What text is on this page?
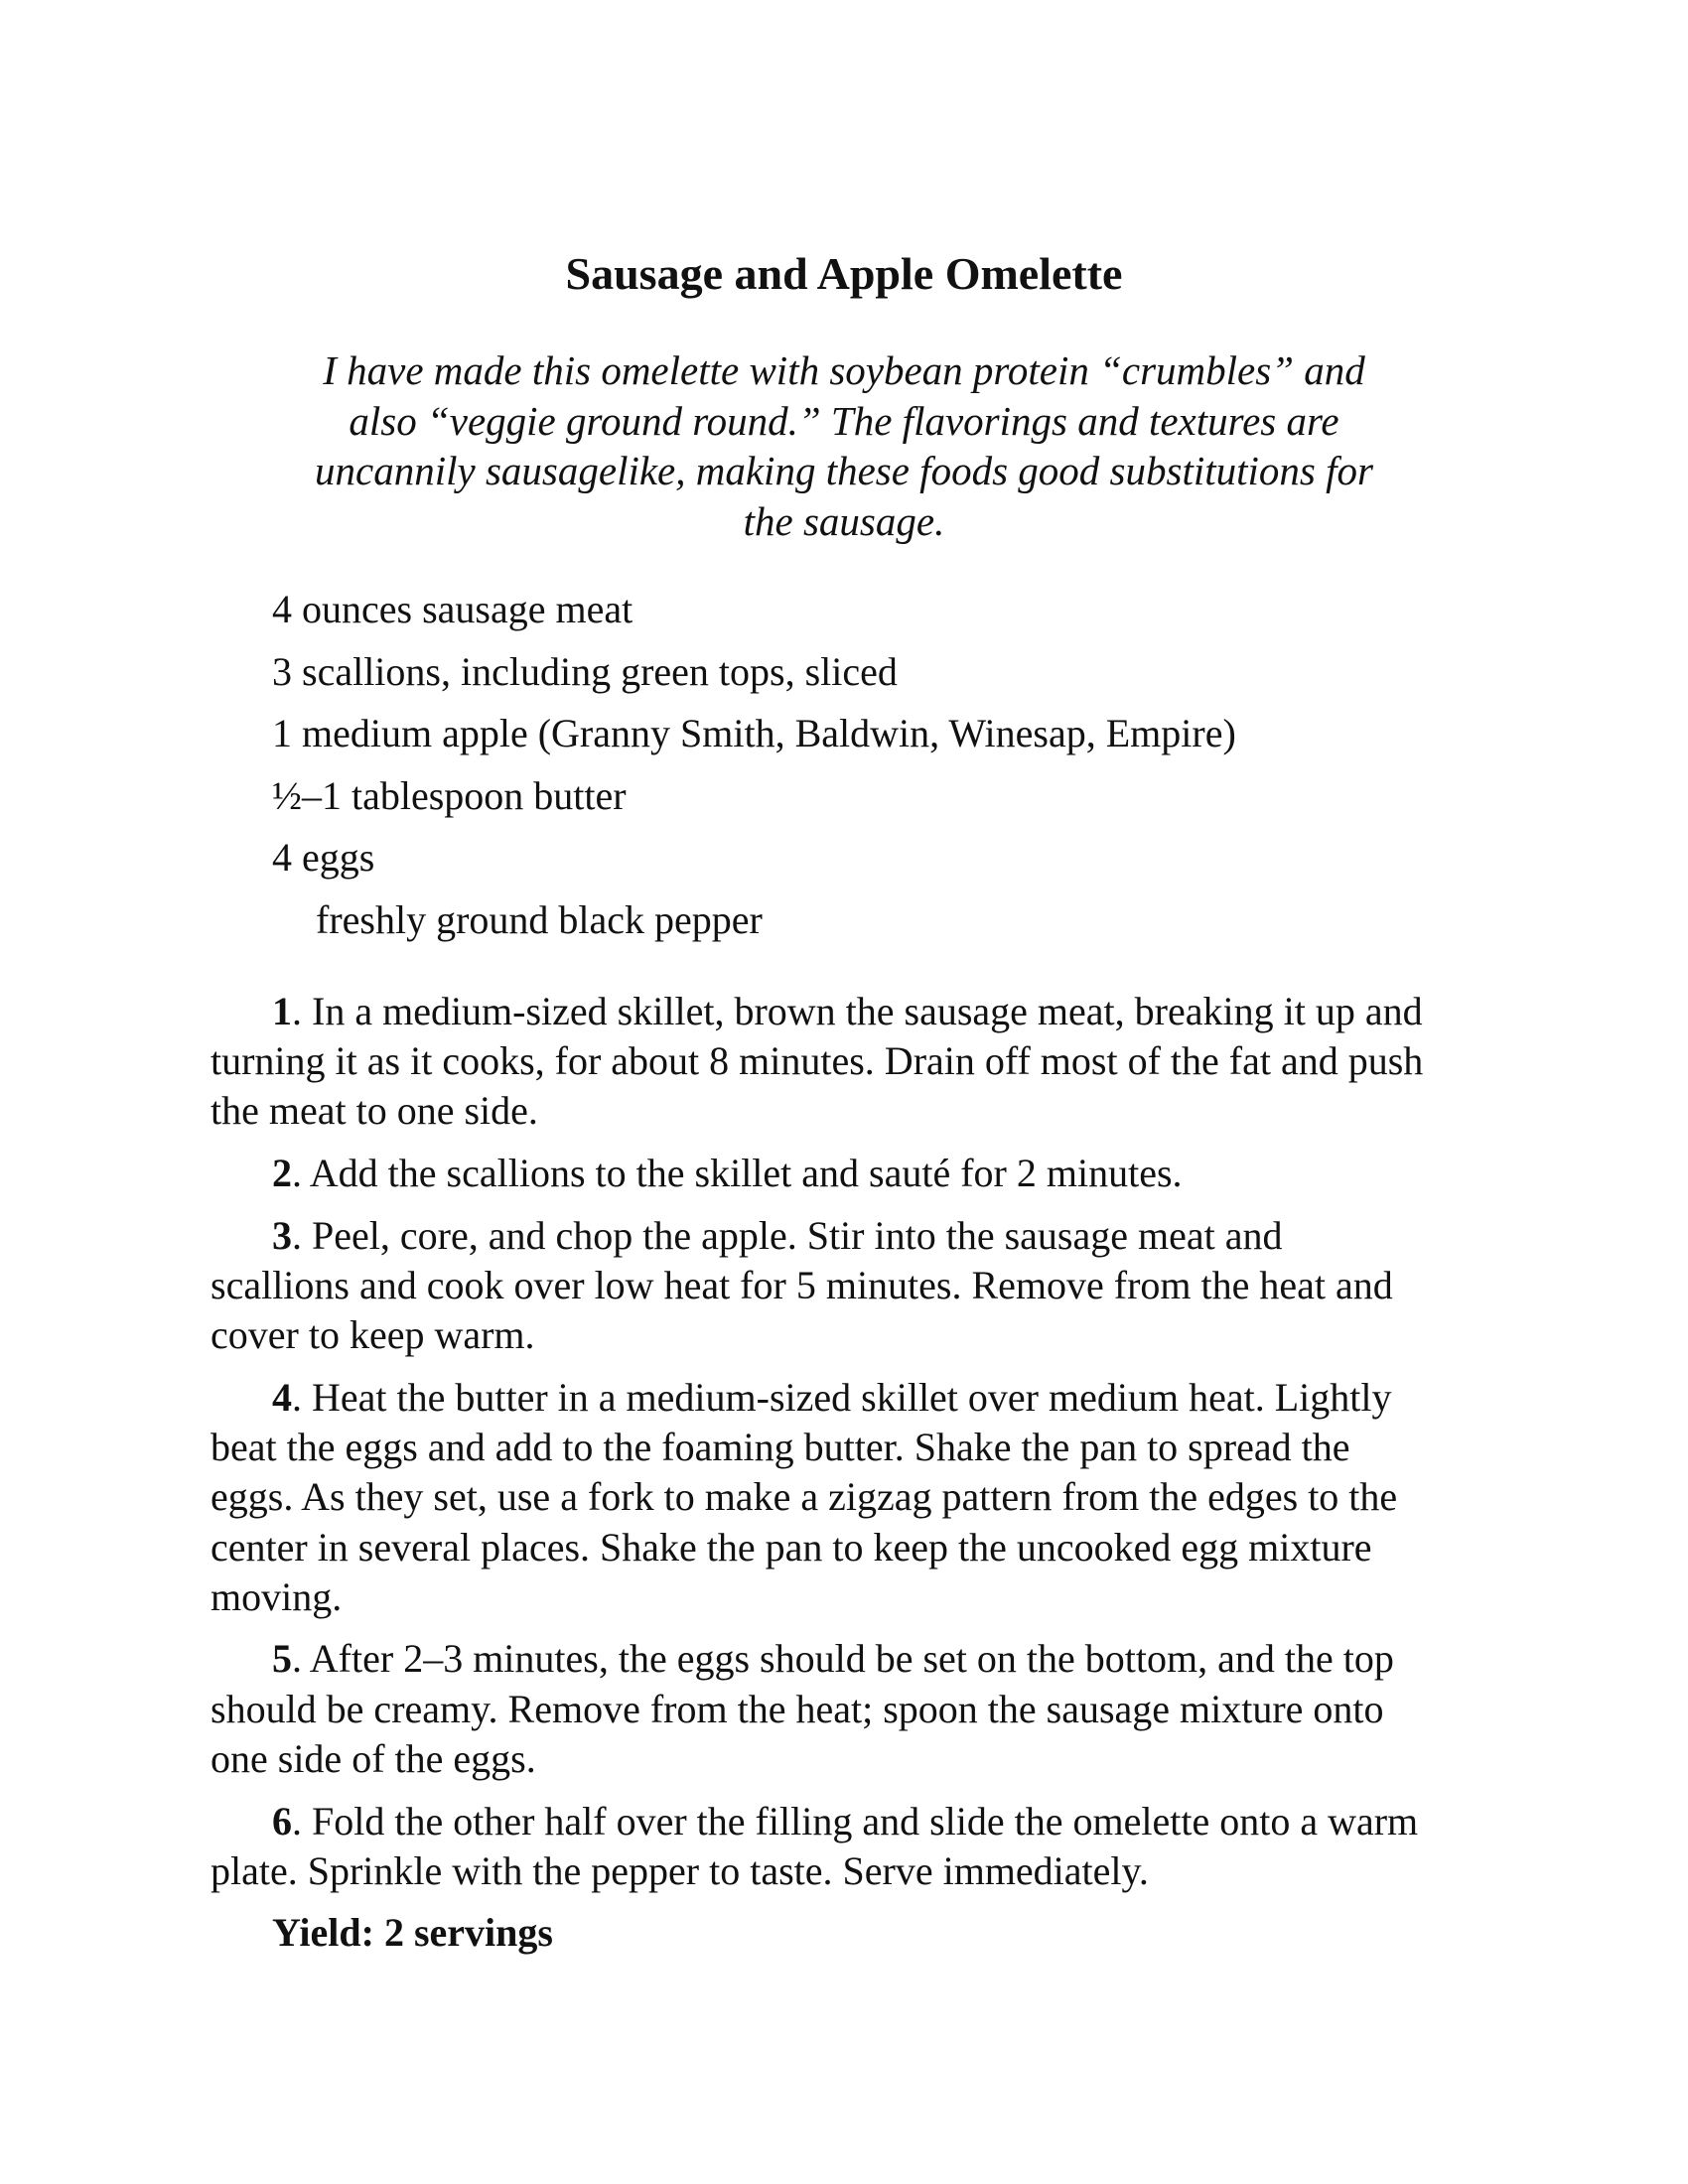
Sausage and Apple Omelette

I have made this omelette with soybean protein “crumbles” and
also “veggie ground round.” The flavorings and textures are
uncannily sausagelike, making these foods good substitutions for
the sausage.

4 ounces sausage meat
3 scallions, including green tops, sliced
1 medium apple (Granny Smith, Baldwin, Winesap, Empire)
½–1 tablespoon butter
4 eggs
freshly ground black pepper

1. In a medium-sized skillet, brown the sausage meat, breaking it up and
turning it as it cooks, for about 8 minutes. Drain off most of the fat and push
the meat to one side.

2. Add the scallions to the skillet and sauté for 2 minutes.

3. Peel, core, and chop the apple. Stir into the sausage meat and
scallions and cook over low heat for 5 minutes. Remove from the heat and
cover to keep warm.

4. Heat the butter in a medium-sized skillet over medium heat. Lightly
beat the eggs and add to the foaming butter. Shake the pan to spread the
eggs. As they set, use a fork to make a zigzag pattern from the edges to the
center in several places. Shake the pan to keep the uncooked egg mixture
moving.

5. After 2–3 minutes, the eggs should be set on the bottom, and the top
should be creamy. Remove from the heat; spoon the sausage mixture onto
one side of the eggs.

6. Fold the other half over the filling and slide the omelette onto a warm
plate. Sprinkle with the pepper to taste. Serve immediately.

Yield: 2 servings
